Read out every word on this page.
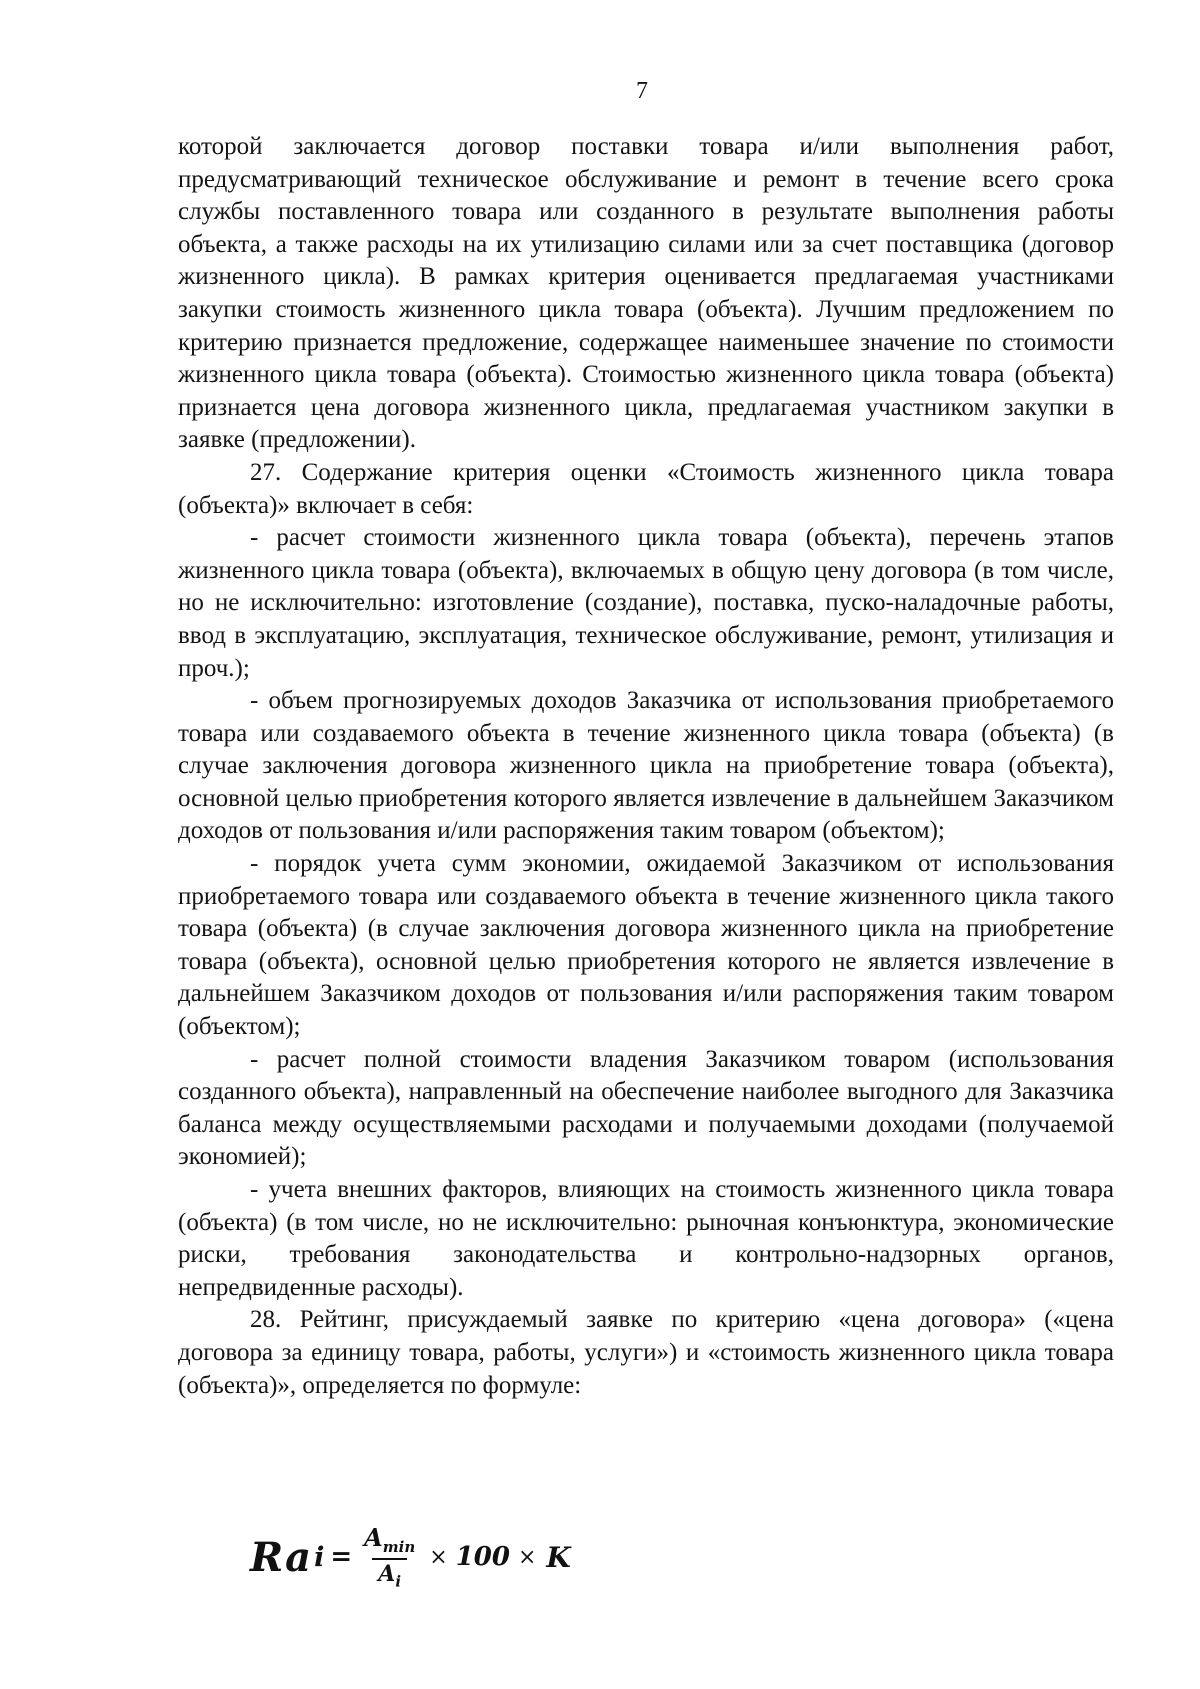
7

которой заключается договор поставки товара и/или выполнения работ, предусматривающий техническое обслуживание и ремонт в течение всего срока службы поставленного товара или созданного в результате выполнения работы объекта, а также расходы на их утилизацию силами или за счет поставщика (договор жизненного цикла). В рамках критерия оценивается предлагаемая участниками закупки стоимость жизненного цикла товара (объекта). Лучшим предложением по критерию признается предложение, содержащее наименьшее значение по стоимости жизненного цикла товара (объекта). Стоимостью жизненного цикла товара (объекта) признается цена договора жизненного цикла, предлагаемая участником закупки в заявке (предложении).

27. Содержание критерия оценки «Стоимость жизненного цикла товара (объекта)» включает в себя:

- расчет стоимости жизненного цикла товара (объекта), перечень этапов жизненного цикла товара (объекта), включаемых в общую цену договора (в том числе, но не исключительно: изготовление (создание), поставка, пуско-наладочные работы, ввод в эксплуатацию, эксплуатация, техническое обслуживание, ремонт, утилизация и проч.);

- объем прогнозируемых доходов Заказчика от использования приобретаемого товара или создаваемого объекта в течение жизненного цикла товара (объекта) (в случае заключения договора жизненного цикла на приобретение товара (объекта), основной целью приобретения которого является извлечение в дальнейшем Заказчиком доходов от пользования и/или распоряжения таким товаром (объектом);

- порядок учета сумм экономии, ожидаемой Заказчиком от использования приобретаемого товара или создаваемого объекта в течение жизненного цикла такого товара (объекта) (в случае заключения договора жизненного цикла на приобретение товара (объекта), основной целью приобретения которого не является извлечение в дальнейшем Заказчиком доходов от пользования и/или распоряжения таким товаром (объектом);

- расчет полной стоимости владения Заказчиком товаром (использования созданного объекта), направленный на обеспечение наиболее выгодного для Заказчика баланса между осуществляемыми расходами и получаемыми доходами (получаемой экономией);

- учета внешних факторов, влияющих на стоимость жизненного цикла товара (объекта) (в том числе, но не исключительно: рыночная конъюнктура, экономические риски, требования законодательства и контрольно-надзорных органов, непредвиденные расходы).

28. Рейтинг, присуждаемый заявке по критерию «цена договора» («цена договора за единицу товара, работы, услуги») и «стоимость жизненного цикла товара (объекта)», определяется по формуле:

Ra $i = \frac{A_{min}}{A_i} \times 100 \times K$
